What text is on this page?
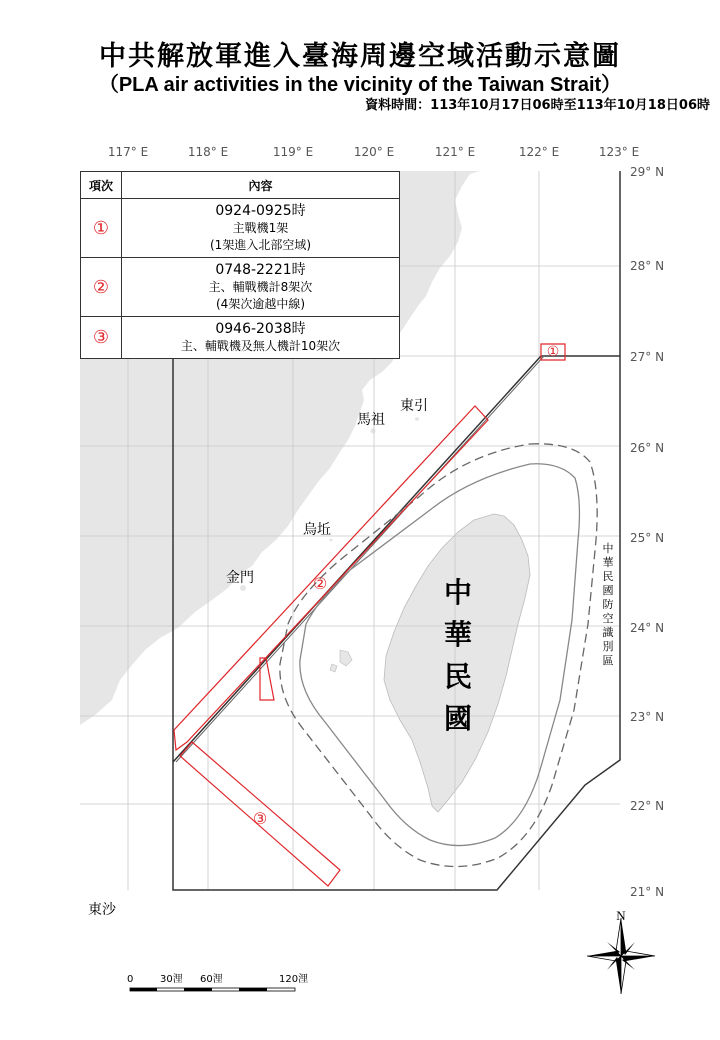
中共解放軍進入臺海周邊空域活動示意圖
（PLA air activities in the vicinity of the Taiwan Strait）
資料時間：113年10月17日06時至113年10月18日06時
①
②
③
117° E	118° E	119° E	120° E	121° E	122° E	123° E
29° N
28° N
27° N
26° N
25° N
24° N
23° N
22° N
21° N
東引
馬祖
烏坵
金門
東沙
中
華
民
國
中
華
民
國
防
空
識
別
區
N
0	30浬 60浬	120浬
項次	內容
①	0924-0925時
主戰機1架
(1架進入北部空域)

②	0748-2221時
主、輔戰機計8架次
(4架次逾越中線)

③	0946-2038時
主、輔戰機及無人機計10架次
